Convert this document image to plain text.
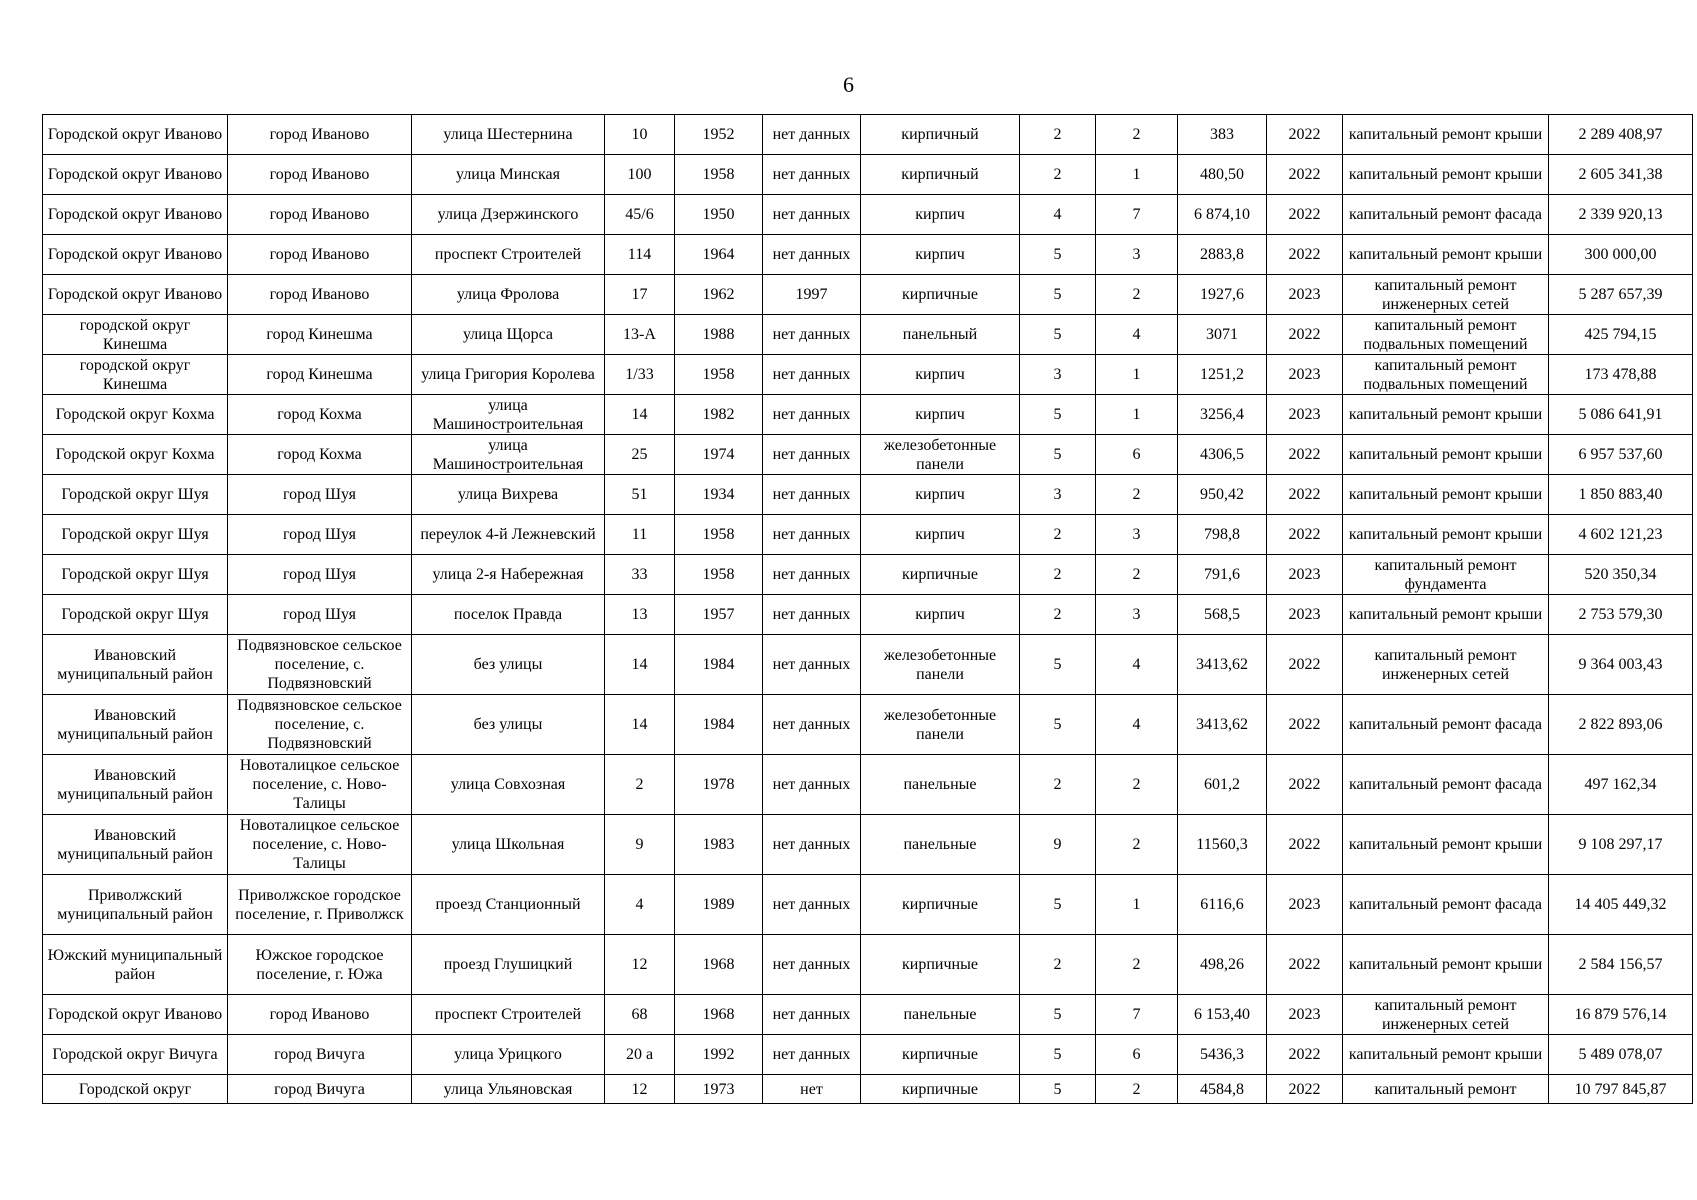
6
Городской округ Иваново	город Иваново	улица Шестернина	10	1952	нет данных	кирпичный	2	2	383	2022	капитальный ремонт крыши	2 289 408,97
Городской округ Иваново	город Иваново	улица Минская	100	1958	нет данных	кирпичный	2	1	480,50	2022	капитальный ремонт крыши	2 605 341,38
Городской округ Иваново	город Иваново	улица Дзержинского	45/6	1950	нет данных	кирпич	4	7	6 874,10	2022	капитальный ремонт фасада	2 339 920,13
Городской округ Иваново	город Иваново	проспект Строителей	114	1964	нет данных	кирпич	5	3	2883,8	2022	капитальный ремонт крыши	300 000,00
Городской округ Иваново	город Иваново	улица Фролова	17	1962	1997	кирпичные	5	2	1927,6	2023	капитальный ремонт инженерных сетей	5 287 657,39
городской округ Кинешма	город Кинешма	улица Щорса	13-А	1988	нет данных	панельный	5	4	3071	2022	капитальный ремонт подвальных помещений	425 794,15
городской округ Кинешма	город Кинешма	улица Григория Королева	1/33	1958	нет данных	кирпич	3	1	1251,2	2023	капитальный ремонт подвальных помещений	173 478,88
Городской округ Кохма	город Кохма	улица Машиностроительная	14	1982	нет данных	кирпич	5	1	3256,4	2023	капитальный ремонт крыши	5 086 641,91
Городской округ Кохма	город Кохма	улица Машиностроительная	25	1974	нет данных	железобетонные панели	5	6	4306,5	2022	капитальный ремонт крыши	6 957 537,60
Городской округ Шуя	город Шуя	улица Вихрева	51	1934	нет данных	кирпич	3	2	950,42	2022	капитальный ремонт крыши	1 850 883,40
Городской округ Шуя	город Шуя	переулок 4-й Лежневский	11	1958	нет данных	кирпич	2	3	798,8	2022	капитальный ремонт крыши	4 602 121,23
Городской округ Шуя	город Шуя	улица 2-я Набережная	33	1958	нет данных	кирпичные	2	2	791,6	2023	капитальный ремонт фундамента	520 350,34
Городской округ Шуя	город Шуя	поселок Правда	13	1957	нет данных	кирпич	2	3	568,5	2023	капитальный ремонт крыши	2 753 579,30
Ивановский муниципальный район	Подвязновское сельское поселение, с. Подвязновский	без улицы	14	1984	нет данных	железобетонные панели	5	4	3413,62	2022	капитальный ремонт инженерных сетей	9 364 003,43
Ивановский муниципальный район	Подвязновское сельское поселение, с. Подвязновский	без улицы	14	1984	нет данных	железобетонные панели	5	4	3413,62	2022	капитальный ремонт фасада	2 822 893,06
Ивановский муниципальный район	Новоталицкое сельское поселение, с. Ново-Талицы	улица Совхозная	2	1978	нет данных	панельные	2	2	601,2	2022	капитальный ремонт фасада	497 162,34
Ивановский муниципальный район	Новоталицкое сельское поселение, с. Ново-Талицы	улица Школьная	9	1983	нет данных	панельные	9	2	11560,3	2022	капитальный ремонт крыши	9 108 297,17
Приволжский муниципальный район	Приволжское городское поселение, г. Приволжск	проезд Станционный	4	1989	нет данных	кирпичные	5	1	6116,6	2023	капитальный ремонт фасада	14 405 449,32
Южский муниципальный район	Южское городское поселение, г. Южа	проезд Глушицкий	12	1968	нет данных	кирпичные	2	2	498,26	2022	капитальный ремонт крыши	2 584 156,57
Городской округ Иваново	город Иваново	проспект Строителей	68	1968	нет данных	панельные	5	7	6 153,40	2023	капитальный ремонт инженерных сетей	16 879 576,14
Городской округ Вичуга	город Вичуга	улица Урицкого	20 а	1992	нет данных	кирпичные	5	6	5436,3	2022	капитальный ремонт крыши	5 489 078,07
Городской округ	город Вичуга	улица Ульяновская	12	1973	нет	кирпичные	5	2	4584,8	2022	капитальный ремонт	10 797 845,87
